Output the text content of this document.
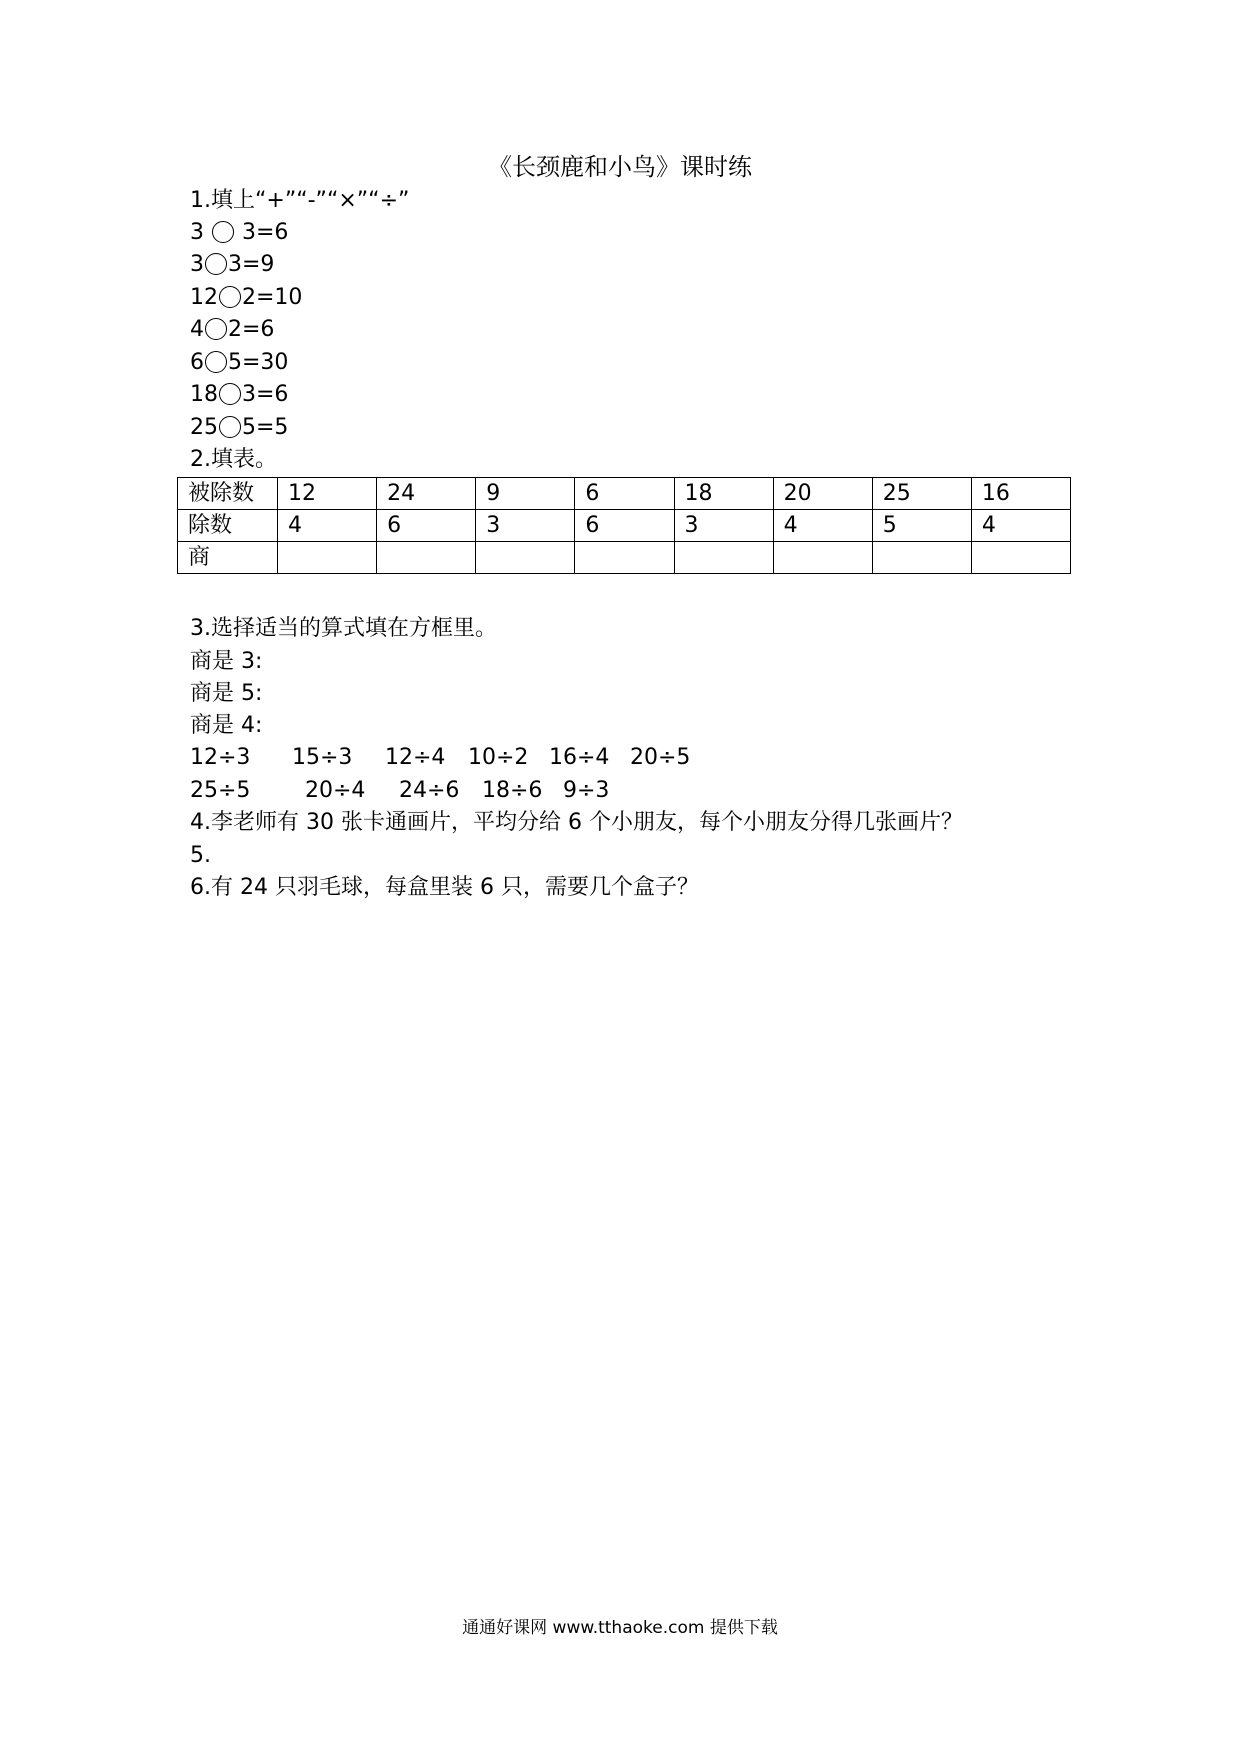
《长颈鹿和小鸟》课时练
1.填上“+”“-”“×”“÷”
3 3=6
3 3=9
12 2=10
4 2=6
6 5=30
18 3=6
25 5=5
2.填表。
被除数	12	24	9	6	18	20	25	16
除数	4	6	3	6	3	4	5	4
商								
3.选择适当的算式填在方框里。
商是 3:
商是 5:
商是 4:
12÷3 15÷3 12÷4 10÷2 16÷4 20÷5
25÷5 20÷4 24÷6 18÷6 9÷3
4.李老师有 30 张卡通画片，平均分给 6 个小朋友，每个小朋友分得几张画片？
5.
6.有 24 只羽毛球，每盒里装 6 只，需要几个盒子？
通通好课网 www.tthaoke.com 提供下载
